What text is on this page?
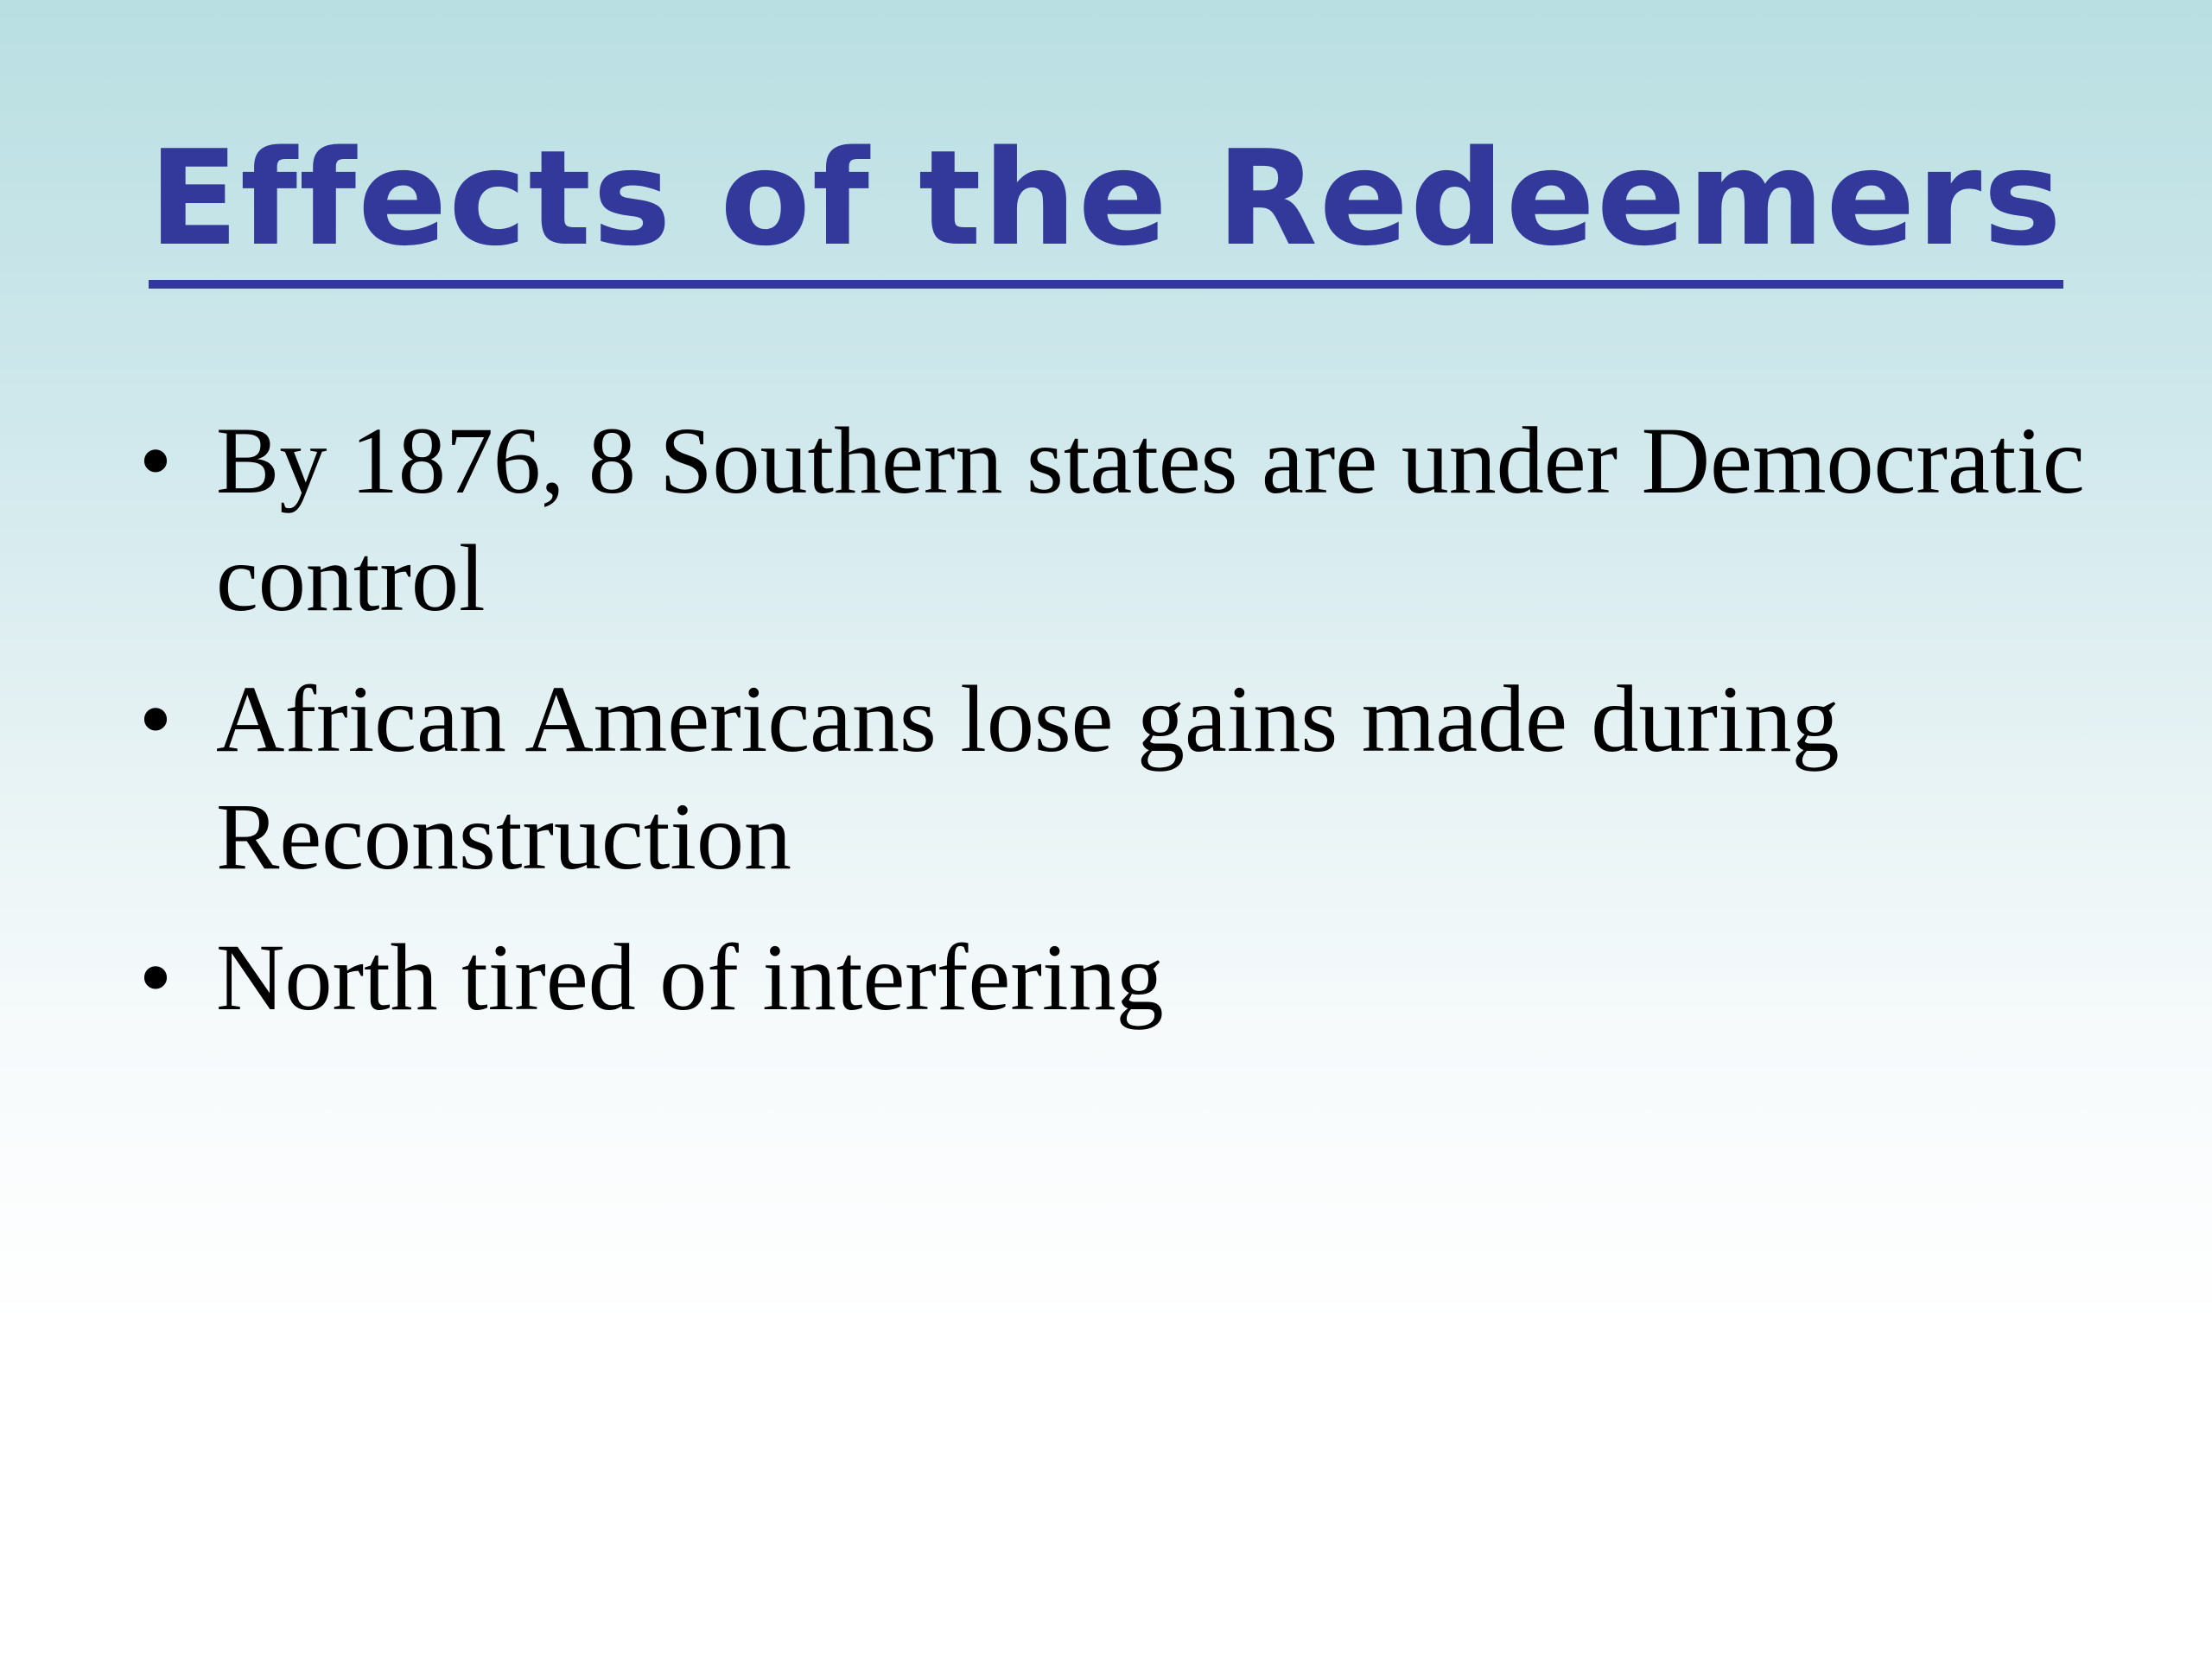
Effects of the Redeemers
• By 1876, 8 Southern states are under Democratic control
• African Americans lose gains made during Reconstruction
• North tired of interfering
